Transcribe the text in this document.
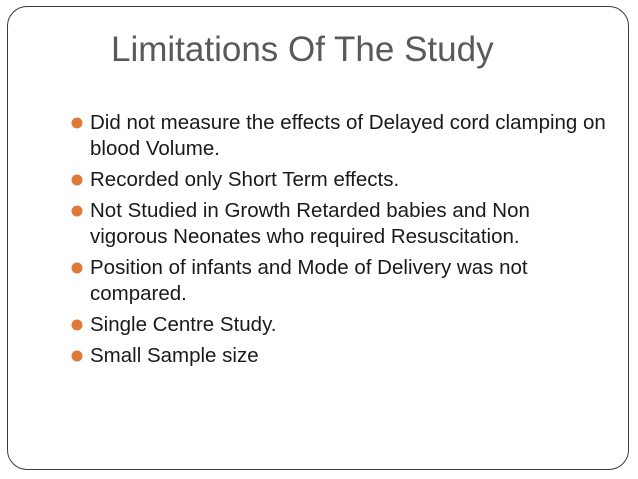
Limitations Of The Study
Did not measure the effects of Delayed cord clamping on blood Volume.
Recorded only Short Term effects.
Not Studied in Growth Retarded babies and Non vigorous Neonates who required Resuscitation.
Position of infants and Mode of Delivery was not compared.
Single Centre Study.
Small Sample size
